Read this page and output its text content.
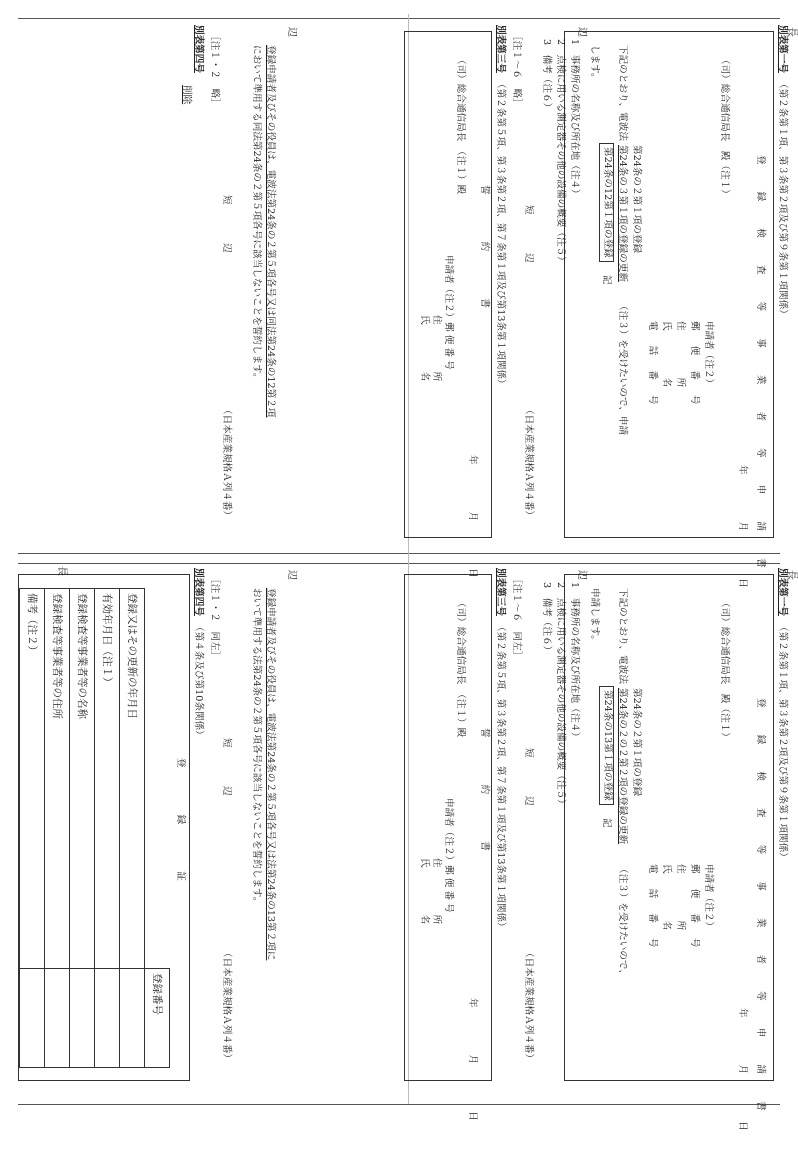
別表第一号
（第２条第１項、第３条第２項及び第９条第１項関係）
長
辺
登 録 検 査 等 事 業 者 等 申 請 書
年 月 日
（司）総合通信局長　殿（注１）
申請者（注２）
郵 便 番 号
住 所
氏 名
電 話 番 号
第24条の２第１項の登録
下記のとおり、電波法
第24条の３第１項の登録の更新
（注３）を受けたいので、申請
第24条の12第１項の登録
します。
記
1　事務所の名称及び所在地（注４）
2　点検に用いる測定器その他の設備の概要（注５）
3　備考（注６）
短　　　　辺
（日本産業規格Ａ列４番）
［注１～６　略］
別表第三号
（第２条第５項、第３条第２項、第７条第１項及び第13条第１項関係）
誓 約 書
年 月 日
（司）総合通信局長　（注１）殿
申請者（注２）郵 便 番 号
住 所
氏 名
登録申請者及びその役員は、電波法第24条の２第５項各号又は同法第24条の12第２項
において準用する同法第24条の２第５項各号に該当しないことを誓約します。
辺
短　　　　辺
（日本産業規格Ａ列４番）
［注１・２　略］
別表第四号
削除
別表第一号
（第２条第１項、第３条第２項及び第９条第１項関係）
長
辺
登 録 検 査 等 事 業 者 等 申 請 書
年 月 日
（司）総合通信局長　殿（注１）
申請者（注２）
郵 便 番 号
住 所
氏 名
電 話 番 号
第24条の２第１項の登録
下記のとおり、電波法
第24条の２の２第２項の登録の更新
（注３）を受けたいので、
第24条の13第１項の登録
申請します。
記
1　事務所の名称及び所在地（注４）
2　点検に用いる測定器その他の設備の概要（注５）
3　備考（注６）
短　　　　辺
（日本産業規格Ａ列４番）
［注１～６　同左］
別表第三号
（第２条第５項、第３条第２項、第７条第１項及び第13条第１項関係）
誓 約 書
年 月 日
（司）総合通信局長　（注１）殿
申請者（注２）郵 便 番 号
住 所
氏 名
登録申請者及びその役員は、電波法第24条の２第５項各号又は法第24条の13第２項に
おいて準用する法第24条の２第５項各号に該当しないことを誓約します。
辺
短　　　　辺
（日本産業規格Ａ列４番）
［注１・２　同左］
別表第四号
（第４条及び第10条関係）
登 録 証
長
	登録番号
登録又はその更新の年月日	
有効年月日（注１）	
登録検査等事業者等の名称	
登録検査等事業者等の住所	
備考（注２）	
